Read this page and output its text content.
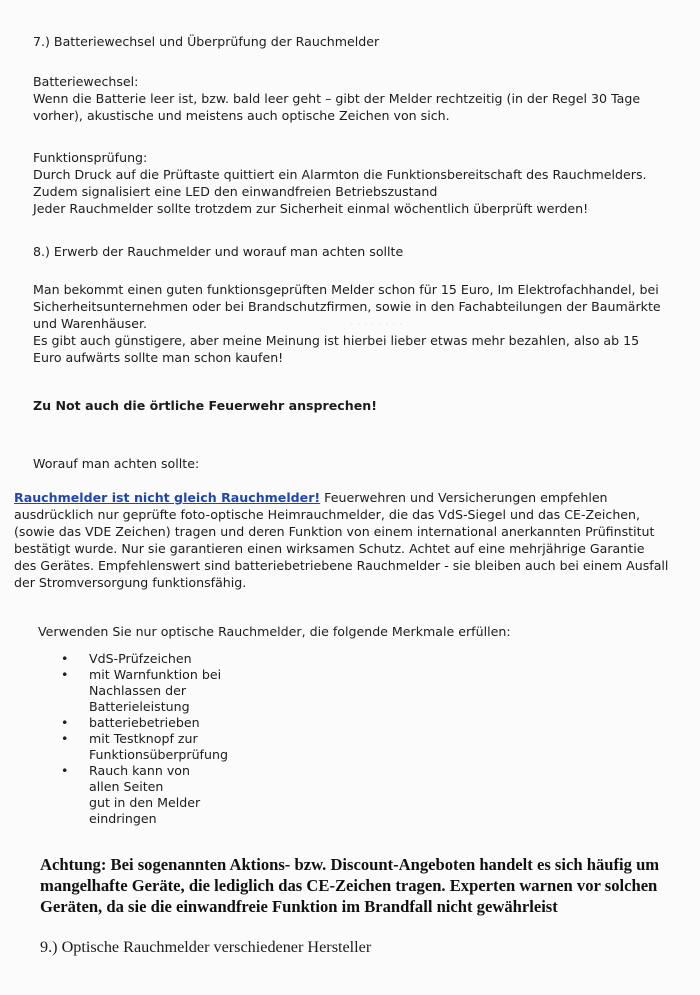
7.) Batteriewechsel und Überprüfung der Rauchmelder

Batteriewechsel:

Wenn die Batterie leer ist, bzw. bald leer geht – gibt der Melder rechtzeitig (in der Regel 30 Tage
vorher), akustische und meistens auch optische Zeichen von sich.

Funktionsprüfung:

Durch Druck auf die Prüftaste quittiert ein Alarmton die Funktionsbereitschaft des Rauchmelders.
Zudem signalisiert eine LED den einwandfreien Betriebszustand
Jeder Rauchmelder sollte trotzdem zur Sicherheit einmal wöchentlich überprüft werden!

8.) Erwerb der Rauchmelder und worauf man achten sollte

Man bekommt einen guten funktionsgeprüften Melder schon für 15 Euro, Im Elektrofachhandel, bei
Sicherheitsunternehmen oder bei Brandschutzfirmen, sowie in den Fachabteilungen der Baumärkte
und Warenhäuser.
Es gibt auch günstigere, aber meine Meinung ist hierbei lieber etwas mehr bezahlen, also ab 15
Euro aufwärts sollte man schon kaufen!
· · · · · · · ·

Zu Not auch die örtliche Feuerwehr ansprechen!

Worauf man achten sollte:

Rauchmelder ist nicht gleich Rauchmelder! Feuerwehren und Versicherungen empfehlen
ausdrücklich nur geprüfte foto-optische Heimrauchmelder, die das VdS-Siegel und das CE-Zeichen,
(sowie das VDE Zeichen) tragen und deren Funktion von einem international anerkannten Prüfinstitut
bestätigt wurde. Nur sie garantieren einen wirksamen Schutz. Achtet auf eine mehrjährige Garantie
des Gerätes. Empfehlenswert sind batteriebetriebene Rauchmelder - sie bleiben auch bei einem Ausfall
der Stromversorgung funktionsfähig.

Verwenden Sie nur optische Rauchmelder, die folgende Merkmale erfüllen:

• VdS-Prüfzeichen
• mit Warnfunktion bei
Nachlassen der
Batterieleistung
• batteriebetrieben
• mit Testknopf zur
Funktionsüberprüfung
• Rauch kann von
allen Seiten
gut in den Melder
eindringen
Achtung: Bei sogenannten Aktions- bzw. Discount-Angeboten handelt es sich häufig um
mangelhafte Geräte, die lediglich das CE-Zeichen tragen. Experten warnen vor solchen
Geräten, da sie die einwandfreie Funktion im Brandfall nicht gewährleist

9.) Optische Rauchmelder verschiedener Hersteller
